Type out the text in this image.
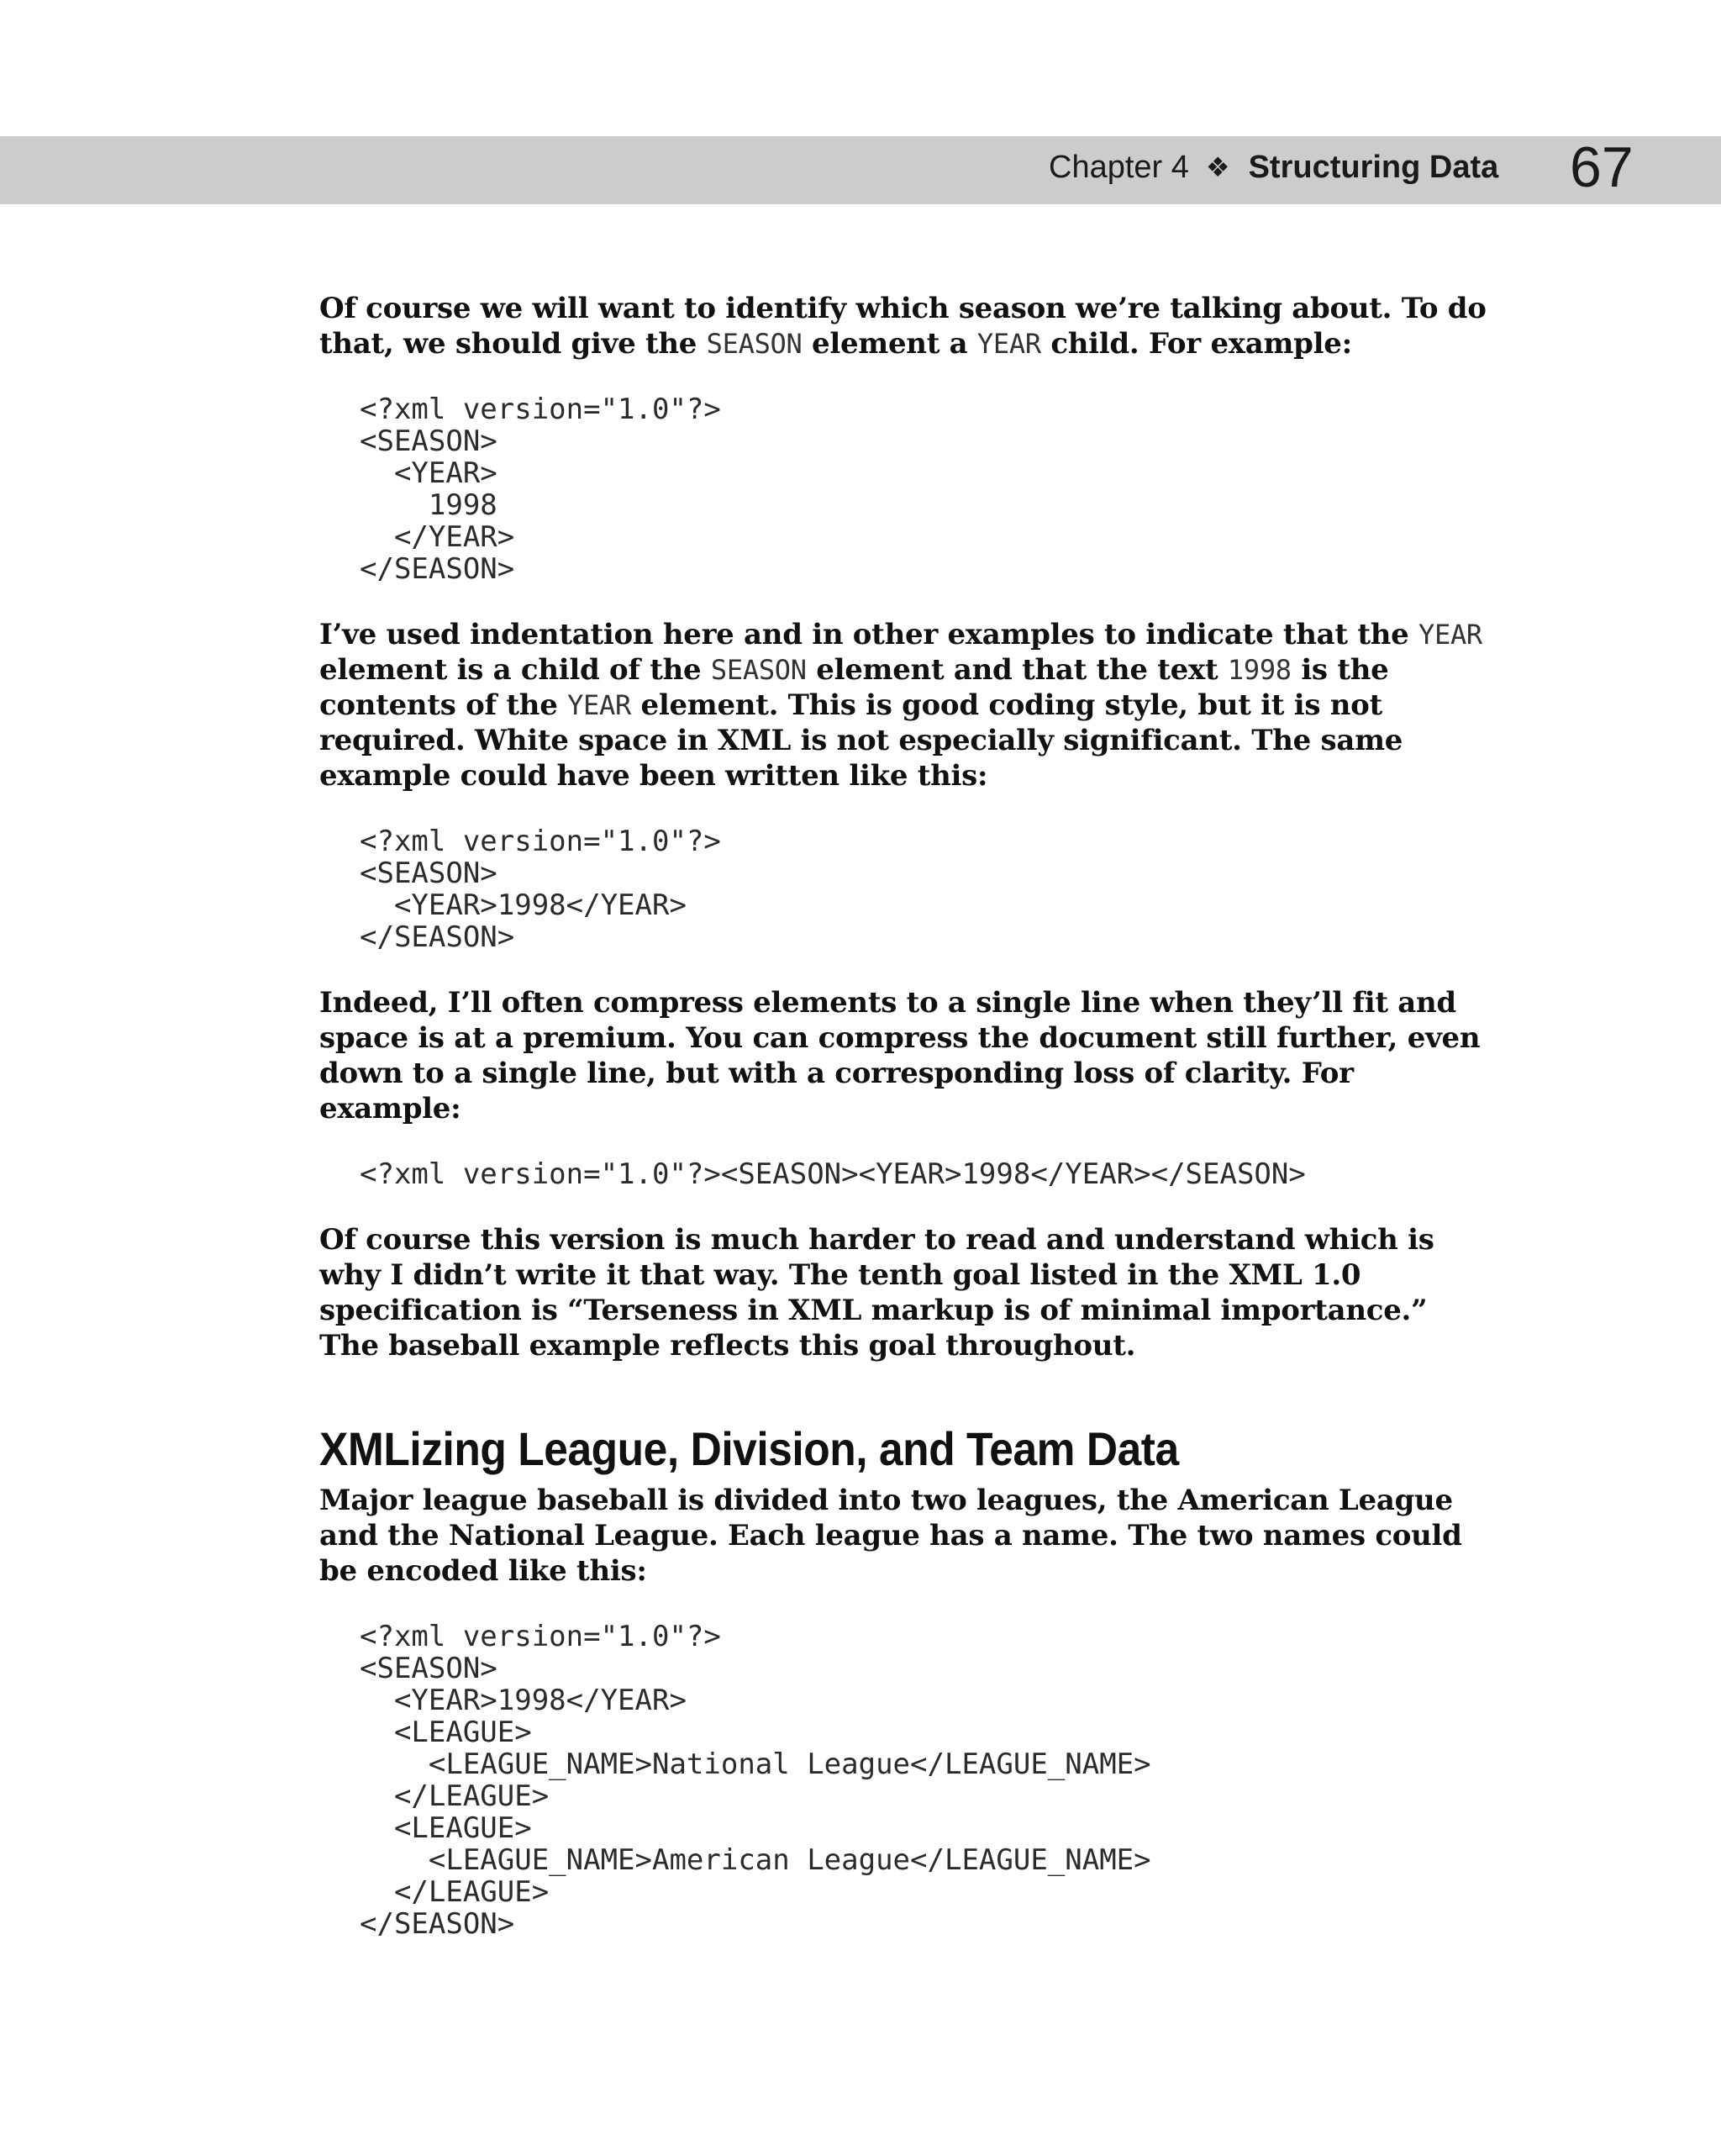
Chapter 4 ❖ Structuring Data 67

Of course we will want to identify which season we’re talking about. To do that, we should give the SEASON element a YEAR child. For example:

<?xml version="1.0"?>
<SEASON>
<YEAR>
1998
</YEAR>
</SEASON>

I’ve used indentation here and in other examples to indicate that the YEAR element is a child of the SEASON element and that the text 1998 is the contents of the YEAR element. This is good coding style, but it is not required. White space in XML is not especially significant. The same example could have been written like this:

<?xml version="1.0"?>
<SEASON>
<YEAR>1998</YEAR>
</SEASON>

Indeed, I’ll often compress elements to a single line when they’ll fit and space is at a premium. You can compress the document still further, even down to a single line, but with a corresponding loss of clarity. For example:

<?xml version="1.0"?><SEASON><YEAR>1998</YEAR></SEASON>

Of course this version is much harder to read and understand which is why I didn’t write it that way. The tenth goal listed in the XML 1.0 specification is “Terseness in XML markup is of minimal importance.” The baseball example reflects this goal throughout.

XMLizing League, Division, and Team Data

Major league baseball is divided into two leagues, the American League and the National League. Each league has a name. The two names could be encoded like this:

<?xml version="1.0"?>
<SEASON>
<YEAR>1998</YEAR>
<LEAGUE>
<LEAGUE_NAME>National League</LEAGUE_NAME>
</LEAGUE>
<LEAGUE>
<LEAGUE_NAME>American League</LEAGUE_NAME>
</LEAGUE>
</SEASON>
